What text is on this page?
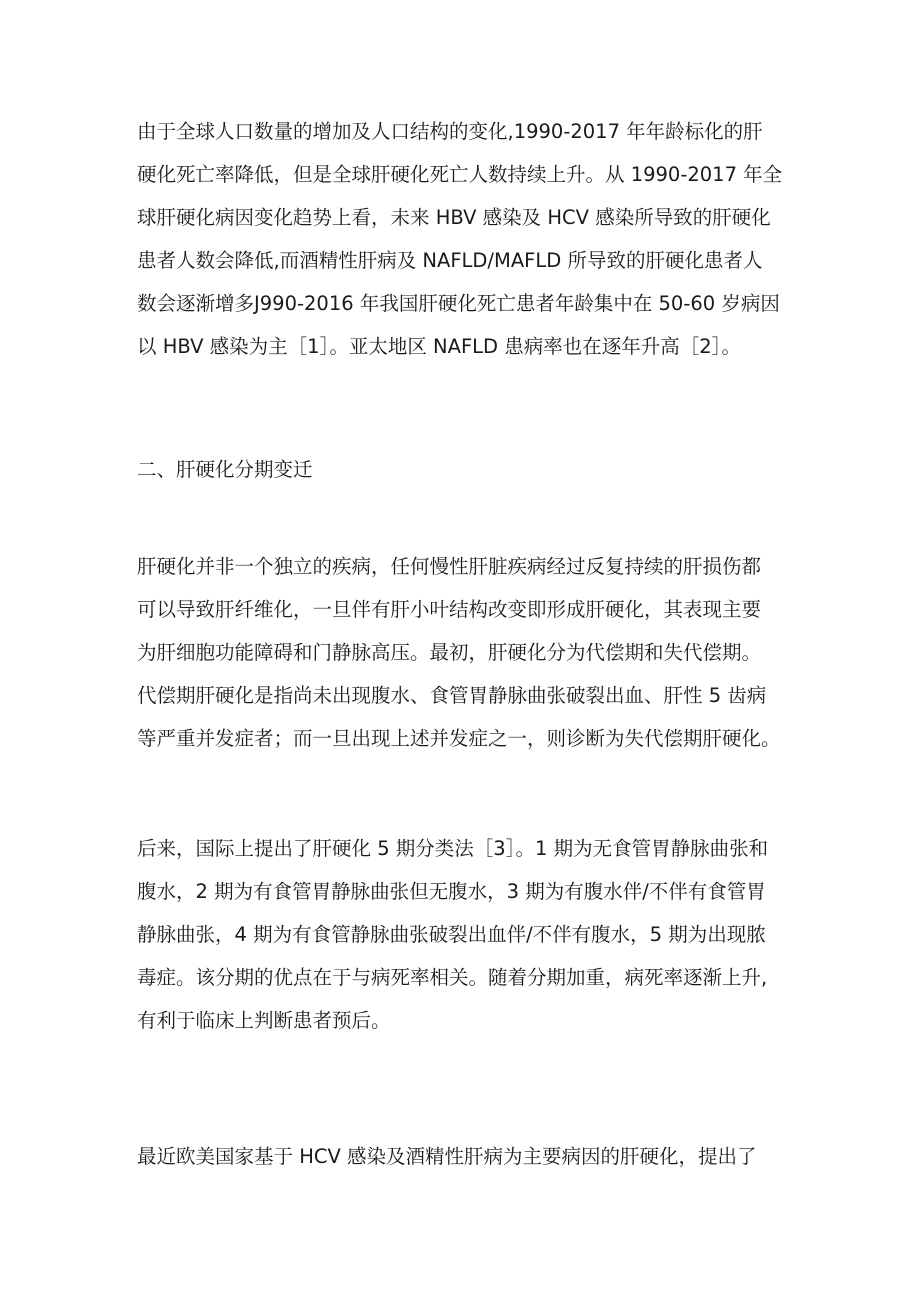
由于全球人口数量的增加及人口结构的变化,1990-2017 年年龄标化的肝
硬化死亡率降低，但是全球肝硬化死亡人数持续上升。从 1990-2017 年全
球肝硬化病因变化趋势上看，未来 HBV 感染及 HCV 感染所导致的肝硬化
患者人数会降低,而酒精性肝病及 NAFLD/MAFLD 所导致的肝硬化患者人
数会逐渐增多J990-2016 年我国肝硬化死亡患者年龄集中在 50-60 岁病因
以 HBV 感染为主［1］。亚太地区 NAFLD 患病率也在逐年升高［2］。

二、肝硬化分期变迁

肝硬化并非一个独立的疾病，任何慢性肝脏疾病经过反复持续的肝损伤都
可以导致肝纤维化，一旦伴有肝小叶结构改变即形成肝硬化，其表现主要
为肝细胞功能障碍和门静脉高压。最初，肝硬化分为代偿期和失代偿期。
代偿期肝硬化是指尚未出现腹水、食管胃静脉曲张破裂出血、肝性 5 齿病
等严重并发症者；而一旦出现上述并发症之一，则诊断为失代偿期肝硬化。

后来，国际上提出了肝硬化 5 期分类法［3］。1 期为无食管胃静脉曲张和
腹水，2 期为有食管胃静脉曲张但无腹水，3 期为有腹水伴/不伴有食管胃
静脉曲张，4 期为有食管静脉曲张破裂出血伴/不伴有腹水，5 期为出现脓
毒症。该分期的优点在于与病死率相关。随着分期加重，病死率逐渐上升,
有利于临床上判断患者预后。

最近欧美国家基于 HCV 感染及酒精性肝病为主要病因的肝硬化，提出了
